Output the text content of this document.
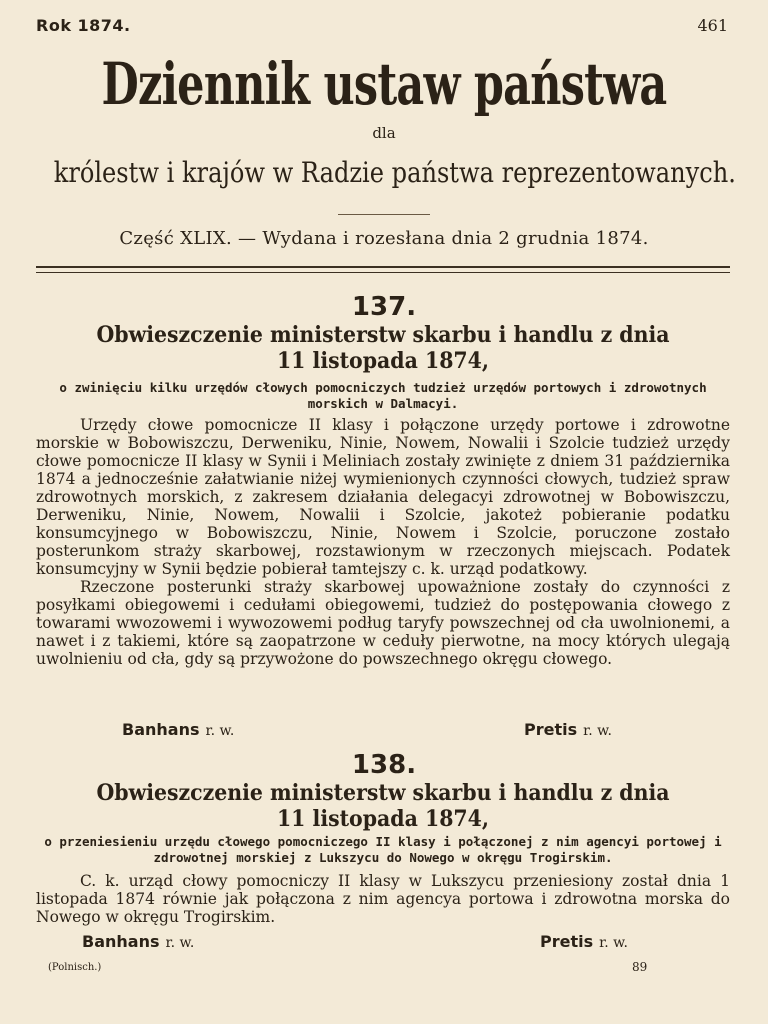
Rok 1874.	461
Dziennik ustaw państwa
dla
królestw i krajów w Radzie państwa reprezentowanych.
Część XLIX. — Wydana i rozesłana dnia 2 grudnia 1874.
137.
Obwieszczenie ministerstw skarbu i handlu z dnia
11 listopada 1874,
o zwinięciu kilku urzędów cłowych pomocniczych tudzież urzędów portowych i zdrowotnych morskich w Dalmacyi.

Urzędy cłowe pomocnicze II klasy i połączone urzędy portowe i zdrowotne morskie w Bobowiszczu, Derweniku, Ninie, Nowem, Nowalii i Szolcie tudzież urzędy cłowe pomocnicze II klasy w Synii i Meliniach zostały zwinięte z dniem 31 października 1874 a jednocześnie załatwianie niżej wymienionych czynności cłowych, tudzież spraw zdrowotnych morskich, z zakresem działania delegacyi zdrowotnej w Bobowiszczu, Derweniku, Ninie, Nowem, Nowalii i Szolcie, jakoteż pobieranie podatku konsumcyjnego w Bobowiszczu, Ninie, Nowem i Szolcie, poruczone zostało posterunkom straży skarbowej, rozstawionym w rzeczonych miejscach. Podatek konsumcyjny w Synii będzie pobierał tamtejszy c. k. urząd podatkowy.

Rzeczone posterunki straży skarbowej upoważnione zostały do czynności z posyłkami obiegowemi i cedułami obiegowemi, tudzież do postępowania cłowego z towarami wwozowemi i wywozowemi podług taryfy powszechnej od cła uwolnionemi, a nawet i z takiemi, które są zaopatrzone w ceduły pierwotne, na mocy których ulegają uwolnieniu od cła, gdy są przywożone do powszechnego okręgu cłowego.

Banhans r. w.	Pretis r. w.
138.
Obwieszczenie ministerstw skarbu i handlu z dnia
11 listopada 1874,
o przeniesieniu urzędu cłowego pomocniczego II klasy i połączonej z nim agencyi portowej i zdrowotnej morskiej z Lukszycu do Nowego w okręgu Trogirskim.

C. k. urząd cłowy pomocniczy II klasy w Lukszycu przeniesiony został dnia 1 listopada 1874 równie jak połączona z nim agencya portowa i zdrowotna morska do Nowego w okręgu Trogirskim.

Banhans r. w.	Pretis r. w.
(Polnisch.)	89
